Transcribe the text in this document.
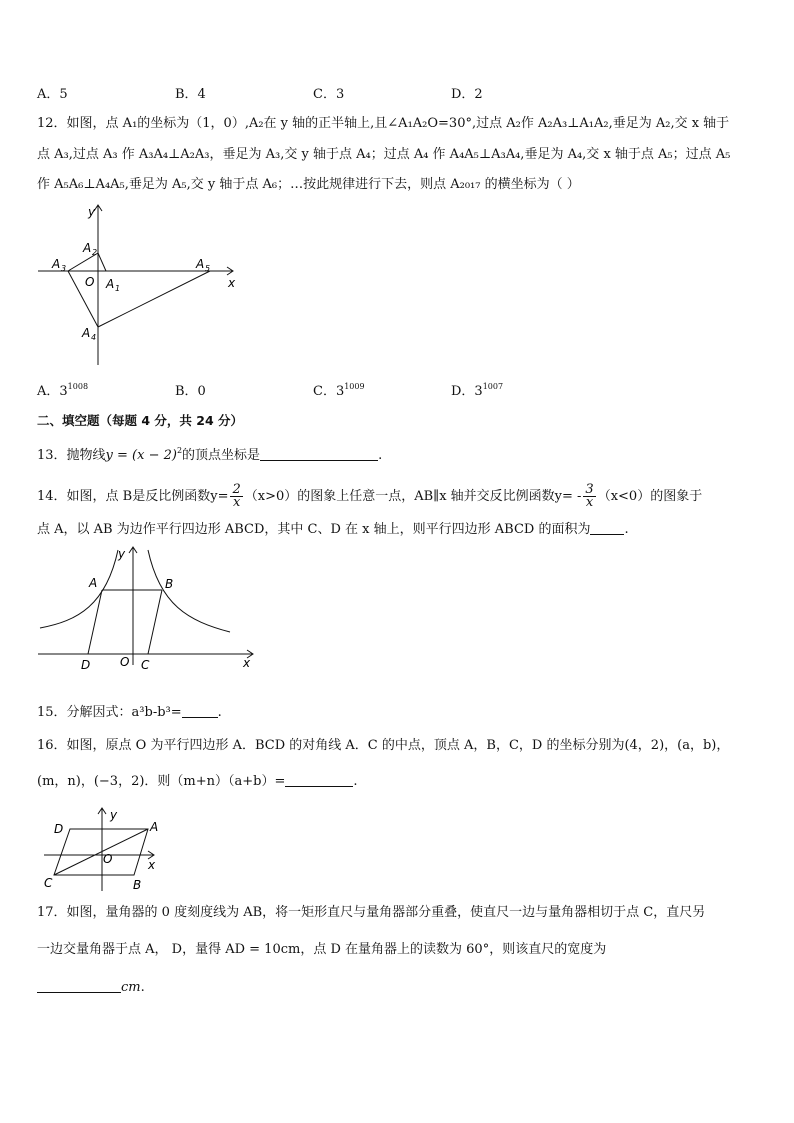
A．5	B．4	C．3	D．2
12．如图，点 A₁的坐标为（1，0）,A₂在 y 轴的正半轴上,且∠A₁A₂O=30°,过点 A₂作 A₂A₃⊥A₁A₂,垂足为 A₂,交 x 轴于
点 A₃,过点 A₃ 作 A₃A₄⊥A₂A₃，垂足为 A₃,交 y 轴于点 A₄；过点 A₄ 作 A₄A₅⊥A₃A₄,垂足为 A₄,交 x 轴于点 A₅；过点 A₅
作 A₅A₆⊥A₄A₅,垂足为 A₅,交 y 轴于点 A₆；…按此规律进行下去，则点 A₂₀₁₇ 的横坐标为（ ）
y
x
O A 1
A 2
A 3
A 4
A 5
A．$3^{1008}$	B．0	C．$3^{1009}$	D．$3^{1007}$
二、填空题（每题 4 分，共 24 分）
13．抛物线$y = (x - 2)^2$的顶点坐标是	.
14．如图，点 B是反比例函数$y= \frac{2}{x} (x>0)$的图象上任意一点，AB∥x 轴并交反比例函数$y= - \frac{3}{x} (x<0)$的图象于
点 A，以 AB 为边作平行四边形 ABCD，其中 C、D 在 x 轴上，则平行四边形 ABCD 的面积为	.
y
x
O
A	B
C
D
15．分解因式：a³b-b³=	.
16．如图，原点 O 为平行四边形 A．BCD 的对角线 A．C 的中点，顶点 A，B，C，D 的坐标分别为(4，2)，(a，b)，
(m，n)，(−3，2)．则（m+n）（a+b）=	.
y
x
O
A
B
C
D
17．如图，量角器的 0 度刻度线为 AB，将一矩形直尺与量角器部分重叠，使直尺一边与量角器相切于点 C，直尺另
一边交量角器于点 A， D，量得 AD = 10cm，点 D 在量角器上的读数为 60°，则该直尺的宽度为
cm.
